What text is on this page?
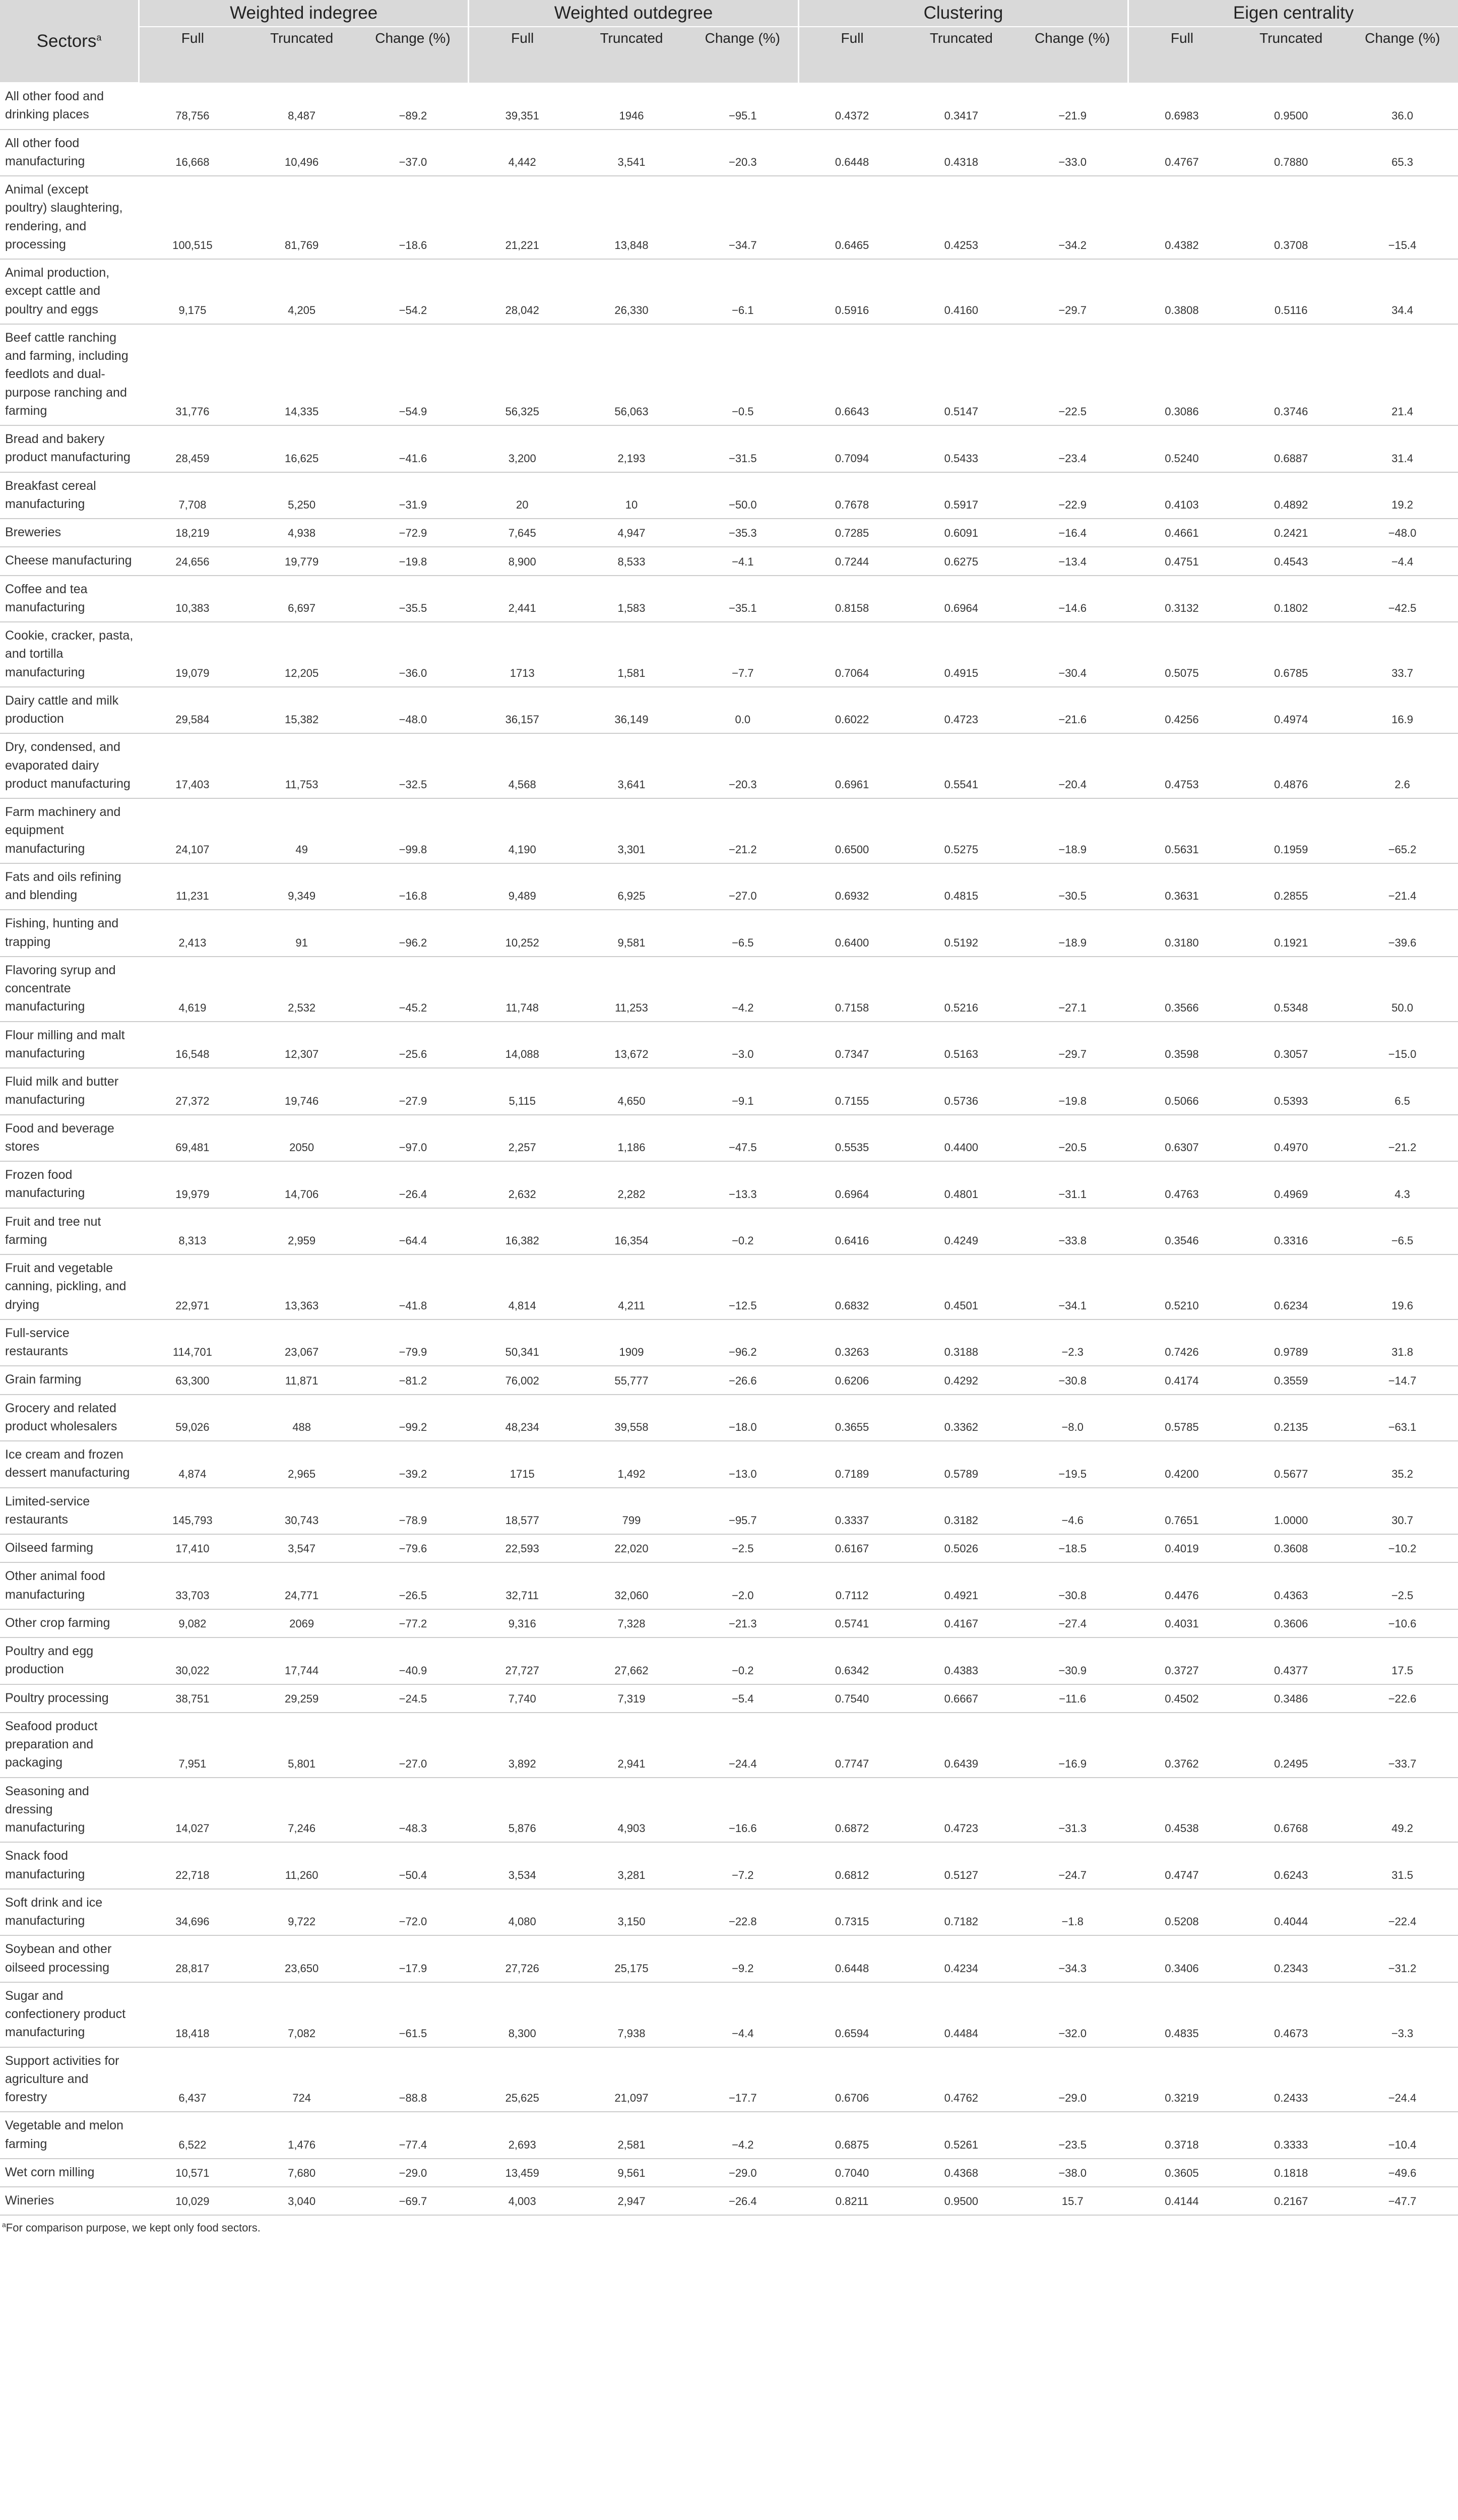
Sectors$^a$	Weighted indegree			Weighted outdegree			Clustering			Eigen centrality		
	Full	Truncated	Change (%)	Full	Truncated	Change (%)	Full	Truncated	Change (%)	Full	Truncated	Change (%)
All other food and drinking places	78,756	8,487	−89.2	39,351	1946	−95.1	0.4372	0.3417	−21.9	0.6983	0.9500	36.0
All other food manufacturing	16,668	10,496	−37.0	4,442	3,541	−20.3	0.6448	0.4318	−33.0	0.4767	0.7880	65.3
Animal (except poultry) slaughtering, rendering, and processing	100,515	81,769	−18.6	21,221	13,848	−34.7	0.6465	0.4253	−34.2	0.4382	0.3708	−15.4
Animal production, except cattle and poultry and eggs	9,175	4,205	−54.2	28,042	26,330	−6.1	0.5916	0.4160	−29.7	0.3808	0.5116	34.4
Beef cattle ranching and farming, including feedlots and dual-purpose ranching and farming	31,776	14,335	−54.9	56,325	56,063	−0.5	0.6643	0.5147	−22.5	0.3086	0.3746	21.4
Bread and bakery product manufacturing	28,459	16,625	−41.6	3,200	2,193	−31.5	0.7094	0.5433	−23.4	0.5240	0.6887	31.4
Breakfast cereal manufacturing	7,708	5,250	−31.9	20	10	−50.0	0.7678	0.5917	−22.9	0.4103	0.4892	19.2
Breweries	18,219	4,938	−72.9	7,645	4,947	−35.3	0.7285	0.6091	−16.4	0.4661	0.2421	−48.0
Cheese manufacturing	24,656	19,779	−19.8	8,900	8,533	−4.1	0.7244	0.6275	−13.4	0.4751	0.4543	−4.4
Coffee and tea manufacturing	10,383	6,697	−35.5	2,441	1,583	−35.1	0.8158	0.6964	−14.6	0.3132	0.1802	−42.5
Cookie, cracker, pasta, and tortilla manufacturing	19,079	12,205	−36.0	1713	1,581	−7.7	0.7064	0.4915	−30.4	0.5075	0.6785	33.7
Dairy cattle and milk production	29,584	15,382	−48.0	36,157	36,149	0.0	0.6022	0.4723	−21.6	0.4256	0.4974	16.9
Dry, condensed, and evaporated dairy product manufacturing	17,403	11,753	−32.5	4,568	3,641	−20.3	0.6961	0.5541	−20.4	0.4753	0.4876	2.6
Farm machinery and equipment manufacturing	24,107	49	−99.8	4,190	3,301	−21.2	0.6500	0.5275	−18.9	0.5631	0.1959	−65.2
Fats and oils refining and blending	11,231	9,349	−16.8	9,489	6,925	−27.0	0.6932	0.4815	−30.5	0.3631	0.2855	−21.4
Fishing, hunting and trapping	2,413	91	−96.2	10,252	9,581	−6.5	0.6400	0.5192	−18.9	0.3180	0.1921	−39.6
Flavoring syrup and concentrate manufacturing	4,619	2,532	−45.2	11,748	11,253	−4.2	0.7158	0.5216	−27.1	0.3566	0.5348	50.0
Flour milling and malt manufacturing	16,548	12,307	−25.6	14,088	13,672	−3.0	0.7347	0.5163	−29.7	0.3598	0.3057	−15.0
Fluid milk and butter manufacturing	27,372	19,746	−27.9	5,115	4,650	−9.1	0.7155	0.5736	−19.8	0.5066	0.5393	6.5
Food and beverage stores	69,481	2050	−97.0	2,257	1,186	−47.5	0.5535	0.4400	−20.5	0.6307	0.4970	−21.2
Frozen food manufacturing	19,979	14,706	−26.4	2,632	2,282	−13.3	0.6964	0.4801	−31.1	0.4763	0.4969	4.3
Fruit and tree nut farming	8,313	2,959	−64.4	16,382	16,354	−0.2	0.6416	0.4249	−33.8	0.3546	0.3316	−6.5
Fruit and vegetable canning, pickling, and drying	22,971	13,363	−41.8	4,814	4,211	−12.5	0.6832	0.4501	−34.1	0.5210	0.6234	19.6
Full-service restaurants	114,701	23,067	−79.9	50,341	1909	−96.2	0.3263	0.3188	−2.3	0.7426	0.9789	31.8
Grain farming	63,300	11,871	−81.2	76,002	55,777	−26.6	0.6206	0.4292	−30.8	0.4174	0.3559	−14.7
Grocery and related product wholesalers	59,026	488	−99.2	48,234	39,558	−18.0	0.3655	0.3362	−8.0	0.5785	0.2135	−63.1
Ice cream and frozen dessert manufacturing	4,874	2,965	−39.2	1715	1,492	−13.0	0.7189	0.5789	−19.5	0.4200	0.5677	35.2
Limited-service restaurants	145,793	30,743	−78.9	18,577	799	−95.7	0.3337	0.3182	−4.6	0.7651	1.0000	30.7
Oilseed farming	17,410	3,547	−79.6	22,593	22,020	−2.5	0.6167	0.5026	−18.5	0.4019	0.3608	−10.2
Other animal food manufacturing	33,703	24,771	−26.5	32,711	32,060	−2.0	0.7112	0.4921	−30.8	0.4476	0.4363	−2.5
Other crop farming	9,082	2069	−77.2	9,316	7,328	−21.3	0.5741	0.4167	−27.4	0.4031	0.3606	−10.6
Poultry and egg production	30,022	17,744	−40.9	27,727	27,662	−0.2	0.6342	0.4383	−30.9	0.3727	0.4377	17.5
Poultry processing	38,751	29,259	−24.5	7,740	7,319	−5.4	0.7540	0.6667	−11.6	0.4502	0.3486	−22.6
Seafood product preparation and packaging	7,951	5,801	−27.0	3,892	2,941	−24.4	0.7747	0.6439	−16.9	0.3762	0.2495	−33.7
Seasoning and dressing manufacturing	14,027	7,246	−48.3	5,876	4,903	−16.6	0.6872	0.4723	−31.3	0.4538	0.6768	49.2
Snack food manufacturing	22,718	11,260	−50.4	3,534	3,281	−7.2	0.6812	0.5127	−24.7	0.4747	0.6243	31.5
Soft drink and ice manufacturing	34,696	9,722	−72.0	4,080	3,150	−22.8	0.7315	0.7182	−1.8	0.5208	0.4044	−22.4
Soybean and other oilseed processing	28,817	23,650	−17.9	27,726	25,175	−9.2	0.6448	0.4234	−34.3	0.3406	0.2343	−31.2
Sugar and confectionery product manufacturing	18,418	7,082	−61.5	8,300	7,938	−4.4	0.6594	0.4484	−32.0	0.4835	0.4673	−3.3
Support activities for agriculture and forestry	6,437	724	−88.8	25,625	21,097	−17.7	0.6706	0.4762	−29.0	0.3219	0.2433	−24.4
Vegetable and melon farming	6,522	1,476	−77.4	2,693	2,581	−4.2	0.6875	0.5261	−23.5	0.3718	0.3333	−10.4
Wet corn milling	10,571	7,680	−29.0	13,459	9,561	−29.0	0.7040	0.4368	−38.0	0.3605	0.1818	−49.6
Wineries	10,029	3,040	−69.7	4,003	2,947	−26.4	0.8211	0.9500	15.7	0.4144	0.2167	−47.7
$^a$For comparison purpose, we kept only food sectors.
